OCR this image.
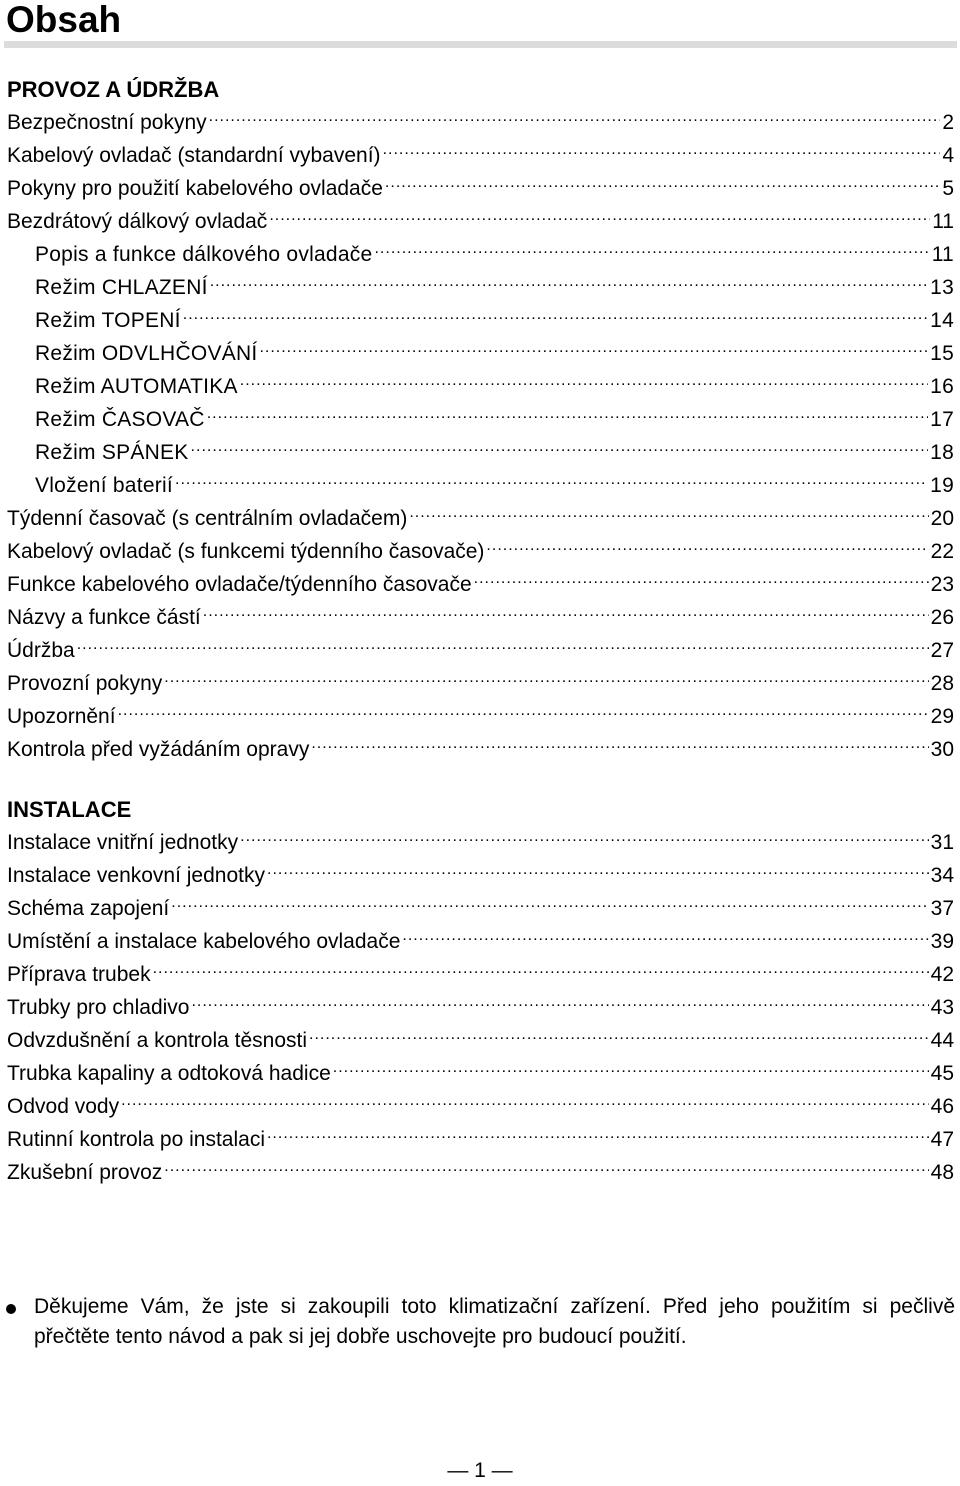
Obsah
PROVOZ A ÚDRŽBA
Bezpečnostní pokyny .....	2
Kabelový ovladač (standardní vybavení) .....	4
Pokyny pro použití kabelového ovladače .....	5
Bezdrátový dálkový ovladač .....	11
Popis a funkce dálkového ovladače .....	11
Režim CHLAZENÍ .....	13
Režim TOPENÍ .....	14
Režim ODVLHČOVÁNÍ .....	15
Režim AUTOMATIKA .....	16
Režim ČASOVAČ .....	17
Režim SPÁNEK .....	18
Vložení baterií .....	19
Týdenní časovač (s centrálním ovladačem) .....	20
Kabelový ovladač (s funkcemi týdenního časovače) .....	22
Funkce kabelového ovladače/týdenního časovače .....	23
Názvy a funkce částí .....	26
Údržba .....	27
Provozní pokyny .....	28
Upozornění .....	29
Kontrola před vyžádáním opravy .....	30
INSTALACE
Instalace vnitřní jednotky .....	31
Instalace venkovní jednotky .....	34
Schéma zapojení .....	37
Umístění a instalace kabelového ovladače .....	39
Příprava trubek .....	42
Trubky pro chladivo .....	43
Odvzdušnění a kontrola těsnosti .....	44
Trubka kapaliny a odtoková hadice .....	45
Odvod vody .....	46
Rutinní kontrola po instalaci .....	47
Zkušební provoz .....	48
Děkujeme Vám, že jste si zakoupili toto klimatizační zařízení. Před jeho použitím si pečlivě přečtěte tento návod a pak si jej dobře uschovejte pro budoucí použití.
— 1 —
